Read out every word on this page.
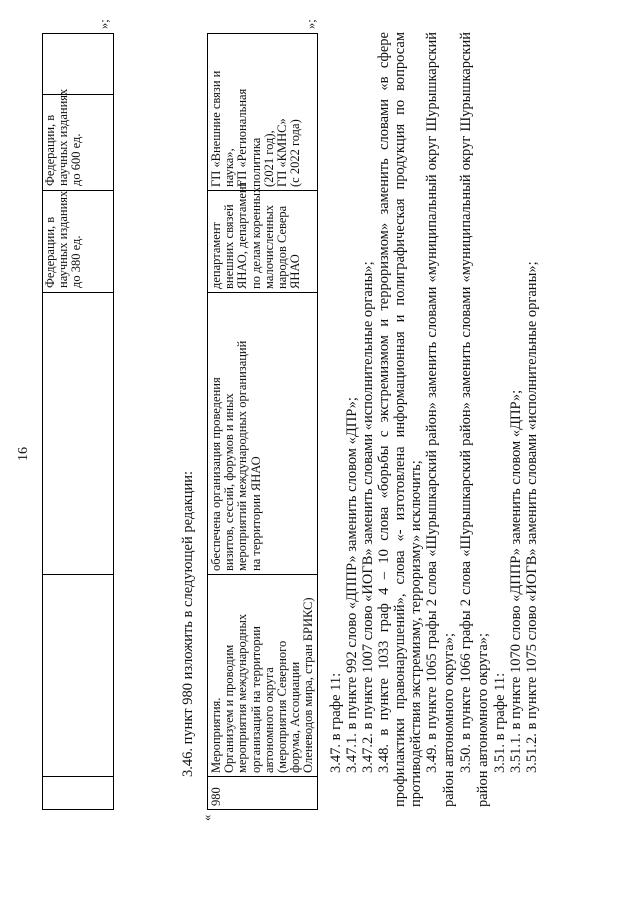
16
Федерации, в
научных изданиях
до 380 ед.
Федерации, в
научных изданиях
до 600 ед.
»;
3.46. пункт 980 изложить в следующей редакции:
«
980
Мероприятия.
Организуем и проводим
мероприятия международных
организаций на территории
автономного округа
(мероприятия Северного
форума, Ассоциации
Оленеводов мира, стран БРИКС)
обеспечена организация проведения
визитов, сессий, форумов и иных
мероприятий международных организаций
на территории ЯНАО
департамент
внешних связей
ЯНАО, департамент
по делам коренных
малочисленных
народов Севера
ЯНАО
ГП «Внешние связи и
наука»,
ГП «Региональная
политика
(2021 год),
ГП «КМНС»
(с 2022 года)
»;
3.47. в графе 11: 3.47.1. в пункте 992 слово «ДППР» заменить словом «ДПР»; 3.47.2. в пункте 1007 слово «ИОГВ» заменить словами «исполнительные органы»; 3.48. в пункте 1033 граф 4 – 10 слова «борьбы с экстремизмом и терроризмом» заменить словами «в сфере профилактики правонарушений», слова «- изготовлена информационная и полиграфическая продукция по вопросам противодействия экстремизму, терроризму» исключить; 3.49. в пункте 1065 графы 2 слова «Шурышкарский район» заменить словами «муниципальный округ Шурышкарский район автономного округа»; 3.50. в пункте 1066 графы 2 слова «Шурышкарский район» заменить словами «муниципальный округ Шурышкарский район автономного округа»; 3.51. в графе 11: 3.51.1. в пункте 1070 слово «ДППР» заменить словом «ДПР»; 3.51.2. в пункте 1075 слово «ИОГВ» заменить словами «исполнительные органы»;
